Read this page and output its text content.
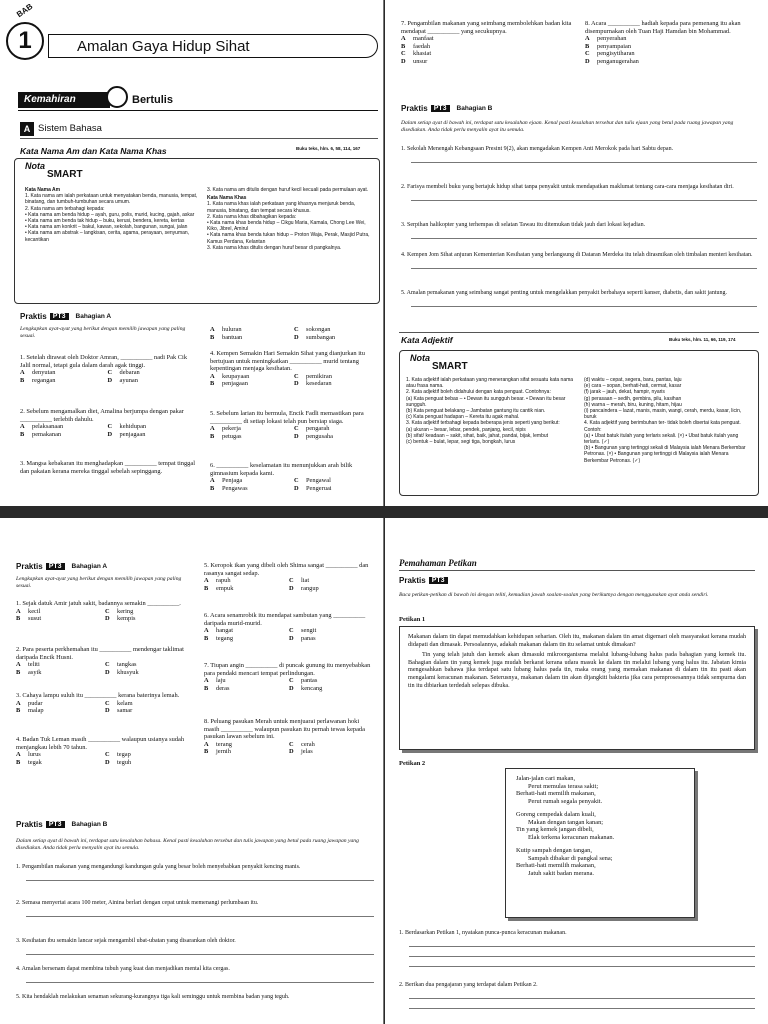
1
BAB
Amalan Gaya Hidup Sihat
Kemahiran	Bertulis
A Sistem Bahasa
Kata Nama Am dan Kata Nama Khas	Buku teks, hlm. 6, 58, 114, 167
Nota
SMART
Kata Nama Am
1. Kata nama am ialah perkataan untuk menyatakan benda, manusia, tempat, binatang, dan tumbuh-tumbuhan secara umum.
2. Kata nama am terbahagi kepada:
• Kata nama am benda hidup – ayah, guru, polis, murid, kucing, gajah, askar
• Kata nama am benda tak hidup – buku, kerusi, bendera, kereta, kertas
• Kata nama am konkrit – bakul, kawan, sekolah, bangunan, sungai, jalan
• Kata nama am abstrak – langkisan, cerita, agama, perayaan, senyuman, kecantikan
3. Kata nama am ditulis dengan huruf kecil kecuali pada permulaan ayat.
Kata Nama Khas
1. Kata nama khas ialah perkataan yang khasnya menjuruk benda, manusia, binatang, dan tempat secara khusus.
2. Kata nama khas dibahagikan kepada:
• Kata nama khas benda hidup – Cikgu Maria, Kamala, Chong Lee Wei, Kiko, Jibrel, Amirul
• Kata nama khas benda tukan hidup – Proton Waja, Perak, Masjid Putra, Kamus Perdana, Kelantan
3. Kata nama khas ditulis dengan huruf besar di pangkalnya.
Praktis PT3	Bahagian A
Lengkapkan ayat-ayat yang berikut dengan memilih jawapan yang paling sesuai.
1. Setelah dirawat oleh Doktor Amran, __________ nadi Pak Cik Jalil normal, tetapi gula dalam darah agak tinggi.
A	denyutan	C	debaran
B	regangan	D	ayunan
2. Sebelum mengamalkan diet, Amalina berjumpa dengan pakar __________ terlebih dahulu.
A	pelaksanaan	C	kehidupan
B	pemakanan	D	penjagaan
3. Mangsa kebakaran itu menghadapkan __________ tempat tinggal dan pakaian kerana mereka tinggal sebelah sepinggang.
A	huluran	C	sokongan
B	bantuan	D	sumbangan
4. Kempen Semakin Hari Semakin Sihat yang dianjurkan itu bertujuan untuk meningkatkan __________ murid tentang kepentingan menjaga kesihatan.
A	keupayaan	C	pemikiran
B	penjagaan	D	kesedaran
5. Sebelum larian itu bermula, Encik Fadli memastikan para __________ di setiap lokasi telah pun bersiap siaga.
A	pekerja	C	pengarah
B	petugas	D	pengusaha
6. __________ keselamatan itu menunjukkan arah bilik gimnasium kepada kami.
A	Penjaga	C	Pengawal
B	Pengawas	D	Pengeruai
7. Pengambilan makanan yang seimbang membolehkan badan kita mendapat __________ yang secukupnya.
A	manfaat
B	faedah
C	khasiat
D	unsur
8. Acara __________ hadiah kepada para pemenang itu akan disempurnakan oleh Tuan Haji Hamdan bin Mohammad.
A	penyerahan
B	penyampaian
C	pengisytiharan
D	penganugerahan
Praktis PT3	Bahagian B
Dalam setiap ayat di bawah ini, terdapat satu kesalahan ejaan. Kenal pasti kesalahan tersebut dan tulis ejaan yang betul pada ruang jawapan yang disediakan. Anda tidak perlu menyalin ayat itu semula.
1. Sekolah Menengah Kebangsaan Presint 9(2), akan mengadakan Kempen Anti Merokok pada hari Sabtu depan.
2. Farisya membeli buku yang bertajuk hidup sihat tanpa penyakit untuk mendapatkan maklumat tentang cara-cara menjaga kesihatan diri.
3. Serpihan halikopter yang terhempas di selatan Tawau itu ditemukan tidak jauh dari lokasi kejadian.
4. Kempen Jom Sihat anjuran Kementerian Kesihatan yang berlangsung di Dataran Merdeka itu telah dirasmikan oleh timbalan menteri kesihatan.
5. Amalan pemakanan yang seimbang sangat penting untuk mengelakkan penyakit berbahaya seperti kanser, diabetis, dan sakit jantung.
Kata Adjektif	Buku teks, hlm. 11, 66, 119, 174
Nota
SMART
1. Kata adjektif ialah perkataan yang menerangkan sifat sesuatu kata nama atau frasa nama.
2. Kata adjektif boleh didahului dengan kata penguat. Contohnya:
(a) Kata penguat bebas – • Dewan itu sungguh besar. • Dewan itu besar sungguh.
(b) Kata penguat belakang – Jambatan gantung itu cantik nian.
(c) Kata penguat hadapan – Kereta itu agak mahal.
3. Kata adjektif terbahagi kepada beberapa jenis seperti yang berikut:
(a) ukuran – besar, lebar, pendek, panjang, kecil, nipis
(b) sifat/ keadaan – sakit, sihat, baik, jahat, pandai, bijak, lembut
(c) bentuk – bulat, lepar, segi tiga, bongkah, lurus
(d) waktu – cepat, segera, baru, pantas, laju
(e) cara – sopan, berhati-hati, cermat, kasar
(f) jarak – jauh, dekat, hampir, nyaris
(g) perasaan – sedih, gembira, pilu, kasihan
(h) warna – merah, biru, kuning, hitam, hijau
(i) pancaindera – lazat, manis, masin, wangi, cerah, merdu, kasar, licin, buruk
4. Kata adjektif yang berimbuhan ter- tidak boleh disertai kata penguat. Contoh:
(a) • Ubat batuk itulah yang terlaris sekali. (×) • Ubat batuk itulah yang terlaris. (✓)
(b) • Bangunan yang tertinggi sekali di Malaysia ialah Menara Berkembar Petronas. (×) • Bangunan yang tertinggi di Malaysia ialah Menara Berkembar Petronas. (✓)
Praktis PT3	Bahagian A
Lengkapkan ayat-ayat yang berikut dengan memilih jawapan yang paling sesuai.
1. Sejak datuk Amir jatuh sakit, badannya semakin __________.
A	kecil	C	kering
B	susut	D	kempis
2. Para peserta perkhemahan itu __________ mendengar taklimat daripada Encik Husni.
A	teliti	C	tangkas
B	asyik	D	khusyuk
3. Cahaya lampu suluh itu __________ kerana baterinya lemah.
A	pudar	C	kelam
B	malap	D	samar
4. Badan Tuk Leman masih __________ walaupun usianya sudah menjangkau lebih 70 tahun.
A	lurus	C	tegap
B	tegak	D	teguh
5. Keropok ikan yang dibeli oleh Shima sangat __________ dan rasanya sangat sedap.
A	rapuh	C	liat
B	empuk	D	rangup
6. Acara senamrobik itu mendapat sambutan yang __________ daripada murid-murid.
A	hangat	C	sengit
B	tegang	D	panas
7. Tiupan angin __________ di puncak gunung itu menyebabkan para pendaki mencari tempat perlindungan.
A	laju	C	pantas
B	deras	D	kencang
8. Peluang pasukan Merah untuk menjuarai perlawanan hoki masih __________ walaupun pasukan itu pernah tewas kepada pasukan lawan sebelum ini.
A	terang	C	cerah
B	jernih	D	jelas
Praktis PT3	Bahagian B
Dalam setiap ayat di bawah ini, terdapat satu kesalahan bahasa. Kenal pasti kesalahan tersebut dan tulis jawapan yang betul pada ruang jawapan yang disediakan. Anda tidak perlu menyalin ayat itu semula.
1. Pengambilan makanan yang mengandungi kandungan gula yang besar boleh menyebabkan penyakit kencing manis.
2. Semasa menyertai acara 100 meter, Ainina berlari dengan cepat untuk memenangi perlumbaan itu.
3. Kesihatan ibu semakin lancar sejak mengambil ubat-ubatan yang disarankan oleh doktor.
4. Amalan bersenam dapat membina tubuh yang kuat dan menjadikan mental kita cergas.
5. Kita hendaklah melakukan senaman sekurang-kurangnya tiga kali seminggu untuk membina badan yang teguh.
Pemahaman Petikan
Praktis PT3
Baca petikan-petikan di bawah ini dengan teliti, kemudian jawab soalan-soalan yang berikutnya dengan menggunakan ayat anda sendiri.
Petikan 1

Makanan dalam tin dapat memudahkan kehidupan seharian. Oleh itu, makanan dalam tin amat digemari oleh masyarakat kerana mudah didapati dan dimasak. Persoalannya, adakah makanan dalam tin itu selamat untuk dimakan?

Tin yang telah jatuh dan kemek akan dimasuki mikroorganisma melalui lubang-lubang halus pada bahagian yang kemek itu. Bahagian dalam tin yang kemek juga mudah berkarat kerana udara masuk ke dalam tin melalui lubang yang halus itu. Jabatan kimia mengesahkan bahawa jika terdapat satu lubang halus pada tin, maka orang yang memakan makanan di dalam tin itu pasti akan mengalami keracunan makanan. Seterusnya, makanan dalam tin akan dijangkiti bakteria jika cara pemprosesannya tidak sempurna dan tin itu dibiarkan terdedah selepas dibuka.

Petikan 2
Jalan-jalan cari makan,
Perut memulas terasa sakit;
Berhati-hati memilih makanan,
Perut rumah segala penyakit.
Goreng cempedak dalam kuali,
Makan dengan tangan kanan;
Tin yang kemek jangan dibeli,
Elak terkena keracunan makanan.
Kutip sampah dengan tangan,
Sampah dibakar di pangkal sena;
Berhati-hati memilih makanan,
Jatuh sakit badan merana.
1. Berdasarkan Petikan 1, nyatakan punca-punca keracunan makanan.
2. Berikan dua pengajaran yang terdapat dalam Petikan 2.
